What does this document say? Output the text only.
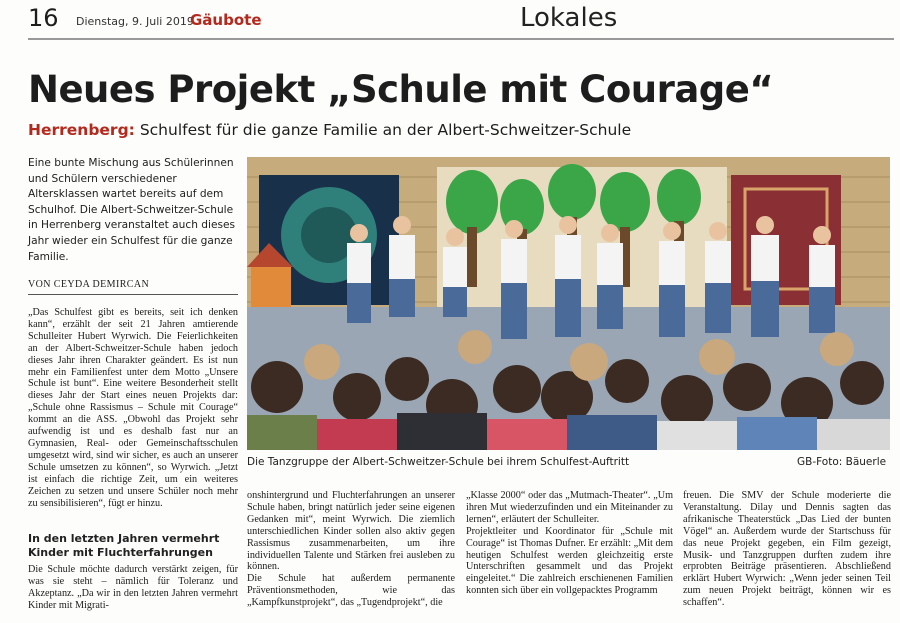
16 Dienstag, 9. Juli 2019
Gäubote	Lokales
Neues Projekt „Schule mit Courage“
Herrenberg: Schulfest für die ganze Familie an der Albert-Schweitzer-Schule
Eine bunte Mischung aus Schülerinnen und Schülern verschiedener Altersklassen wartet bereits auf dem Schulhof. Die Albert-Schweitzer-Schule in Herrenberg veranstaltet auch dieses Jahr wieder ein Schulfest für die ganze Familie.
VON CEYDA DEMIRCAN
„Das Schulfest gibt es bereits, seit ich denken kann“, erzählt der seit 21 Jahren amtierende Schulleiter Hubert Wyrwich. Die Feierlichkeiten an der Albert-Schweitzer-Schule haben jedoch dieses Jahr ihren Charakter geändert. Es ist nun mehr ein Familienfest unter dem Motto „Unsere Schule ist bunt“. Eine weitere Besonderheit stellt dieses Jahr der Start eines neuen Projekts dar: „Schule ohne Rassismus – Schule mit Courage“ kommt an die ASS. „Obwohl das Projekt sehr aufwendig ist und es deshalb fast nur an Gymnasien, Real- oder Gemeinschaftsschulen umgesetzt wird, sind wir sicher, es auch an unserer Schule umsetzen zu können“, so Wyrwich. „Jetzt ist einfach die richtige Zeit, um ein weiteres Zeichen zu setzen und unsere Schüler noch mehr zu sensibilisieren“, fügt er hinzu.
In den letzten Jahren vermehrt Kinder mit Fluchterfahrungen
Die Schule möchte dadurch verstärkt zeigen, für was sie steht – nämlich für Toleranz und Akzeptanz. „Da wir in den letzten Jahren vermehrt Kinder mit Migrati-
onshintergrund und Fluchterfahrungen an unserer Schule haben, bringt natürlich jeder seine eigenen Gedanken mit“, meint Wyrwich. Die ziemlich unterschiedlichen Kinder sollen also aktiv gegen Rassismus zusammenarbeiten, um ihre individuellen Talente und Stärken frei ausleben zu können.
Die Schule hat außerdem permanente Präventionsmethoden, wie das „Kampfkunstprojekt“, das „Tugendprojekt“, die
„Klasse 2000“ oder das „Mutmach-Theater“. „Um ihren Mut wiederzufinden und ein Miteinander zu lernen“, erläutert der Schulleiter.
Projektleiter und Koordinator für „Schule mit Courage“ ist Thomas Dufner. Er erzählt: „Mit dem heutigen Schulfest werden gleichzeitig erste Unterschriften gesammelt und das Projekt eingeleitet.“ Die zahlreich erschienenen Familien konnten sich über ein vollgepacktes Programm
freuen. Die SMV der Schule moderierte die Veranstaltung. Dilay und Dennis sagten das afrikanische Theaterstück „Das Lied der bunten Vögel“ an. Außerdem wurde der Startschuss für das neue Projekt gegeben, ein Film gezeigt, Musik- und Tanzgruppen durften zudem ihre erprobten Beiträge präsentieren. Abschließend erklärt Hubert Wyrwich: „Wenn jeder seinen Teil zum neuen Projekt beiträgt, können wir es schaffen“.
Die Tanzgruppe der Albert-Schweitzer-Schule bei ihrem Schulfest-Auftritt	GB-Foto: Bäuerle
